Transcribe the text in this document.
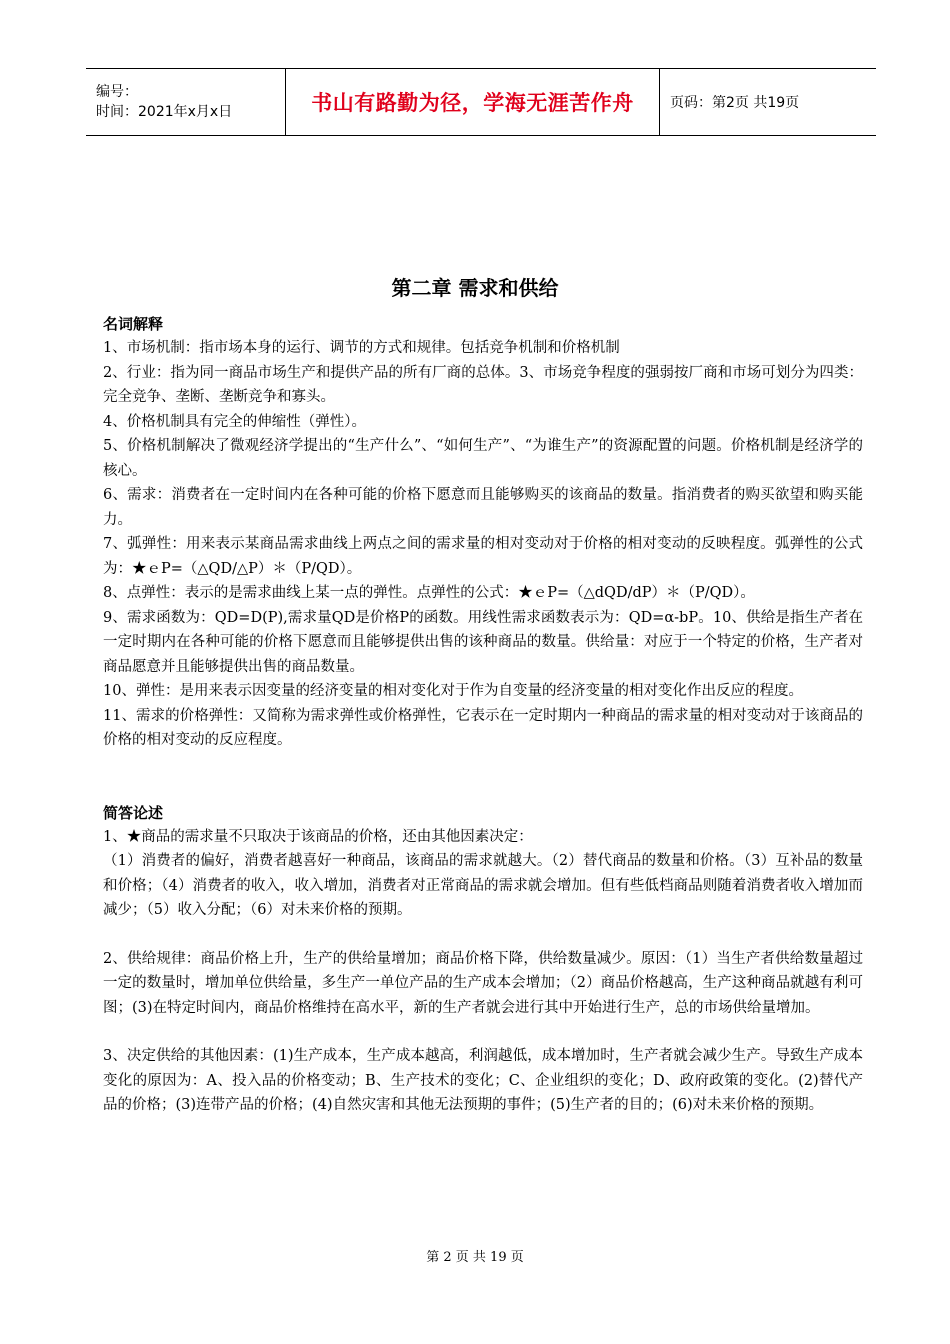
编号：
时间：2021年x月x日	书山有路勤为径，学海无涯苦作舟	页码：第2页 共19页
第二章 需求和供给
名词解释

1、市场机制：指市场本身的运行、调节的方式和规律。包括竞争机制和价格机制

2、行业：指为同一商品市场生产和提供产品的所有厂商的总体。3、市场竞争程度的强弱按厂商和市场可划分为四类：完全竞争、垄断、垄断竞争和寡头。

4、价格机制具有完全的伸缩性（弹性）。

5、价格机制解决了微观经济学提出的“生产什么”、“如何生产”、“为谁生产”的资源配置的问题。价格机制是经济学的核心。

6、需求：消费者在一定时间内在各种可能的价格下愿意而且能够购买的该商品的数量。指消费者的购买欲望和购买能力。

7、弧弹性：用来表示某商品需求曲线上两点之间的需求量的相对变动对于价格的相对变动的反映程度。弧弹性的公式为：★ｅP=（△QD/△P）＊（P/QD）。

8、点弹性：表示的是需求曲线上某一点的弹性。点弹性的公式：★ｅP=（△dQD/dP）＊（P/QD）。

9、需求函数为：QD=D(P),需求量QD是价格P的函数。用线性需求函数表示为：QD=α-bP。10、供给是指生产者在一定时期内在各种可能的价格下愿意而且能够提供出售的该种商品的数量。供给量：对应于一个特定的价格，生产者对商品愿意并且能够提供出售的商品数量。

10、弹性：是用来表示因变量的经济变量的相对变化对于作为自变量的经济变量的相对变化作出反应的程度。

11、需求的价格弹性：又简称为需求弹性或价格弹性，它表示在一定时期内一种商品的需求量的相对变动对于该商品的价格的相对变动的反应程度。

简答论述

1、★商品的需求量不只取决于该商品的价格，还由其他因素决定：

（1）消费者的偏好，消费者越喜好一种商品，该商品的需求就越大。（2）替代商品的数量和价格。（3）互补品的数量和价格；（4）消费者的收入，收入增加，消费者对正常商品的需求就会增加。但有些低档商品则随着消费者收入增加而减少；（5）收入分配；（6）对未来价格的预期。

2、供给规律：商品价格上升，生产的供给量增加；商品价格下降，供给数量减少。原因：（1）当生产者供给数量超过一定的数量时，增加单位供给量，多生产一单位产品的生产成本会增加；（2）商品价格越高，生产这种商品就越有利可图；(3)在特定时间内，商品价格维持在高水平，新的生产者就会进行其中开始进行生产，总的市场供给量增加。

3、决定供给的其他因素：(1)生产成本，生产成本越高，利润越低，成本增加时，生产者就会减少生产。导致生产成本变化的原因为：A、投入品的价格变动；B、生产技术的变化；C、企业组织的变化；D、政府政策的变化。(2)替代产品的价格；(3)连带产品的价格；(4)自然灾害和其他无法预期的事件；(5)生产者的目的；(6)对未来价格的预期。

第 2 页 共 19 页
